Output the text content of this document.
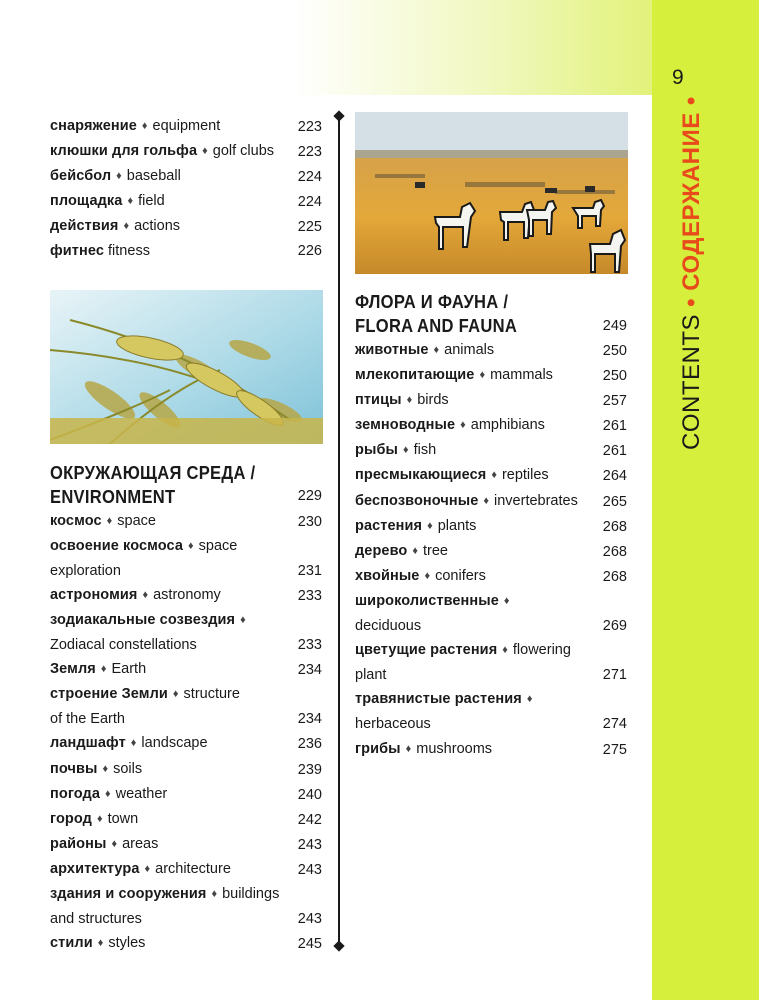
9
CONTENTS • СОДЕРЖАНИЕ •
снаряжение ♦ equipment	223
клюшки для гольфа ♦ golf clubs 223
бейсбол ♦ baseball	224
площадка ♦ field	224
действия ♦ actions	225
фитнес fitness	226
ОКРУЖАЮЩАЯ СРЕДА /
ENVIRONMENT	229
космос ♦ space	230
освоение космоса ♦ space
exploration	231
астрономия ♦ astronomy	233
зодиакальные созвездия ♦
Zodiacal constellations	233
Земля ♦ Earth	234
строение Земли ♦ structure
of the Earth	234
ландшафт ♦ landscape	236
почвы ♦ soils	239
погода ♦ weather	240
город ♦ town	242
районы ♦ areas	243
архитектура ♦ architecture	243
здания и сооружения ♦ buildings
and structures	243
стили ♦ styles	245
ФЛОРА И ФАУНА /
FLORA AND FAUNA	249
животные ♦ animals	250
млекопитающие ♦ mammals	250
птицы ♦ birds	257
земноводные ♦ amphibians	261
рыбы ♦ fish	261
пресмыкающиеся ♦ reptiles	264
беспозвоночные ♦ invertebrates 265
растения ♦ plants	268
дерево ♦ tree	268
хвойные ♦ conifers	268
широколиственные ♦
deciduous	269
цветущие растения ♦ flowering
plant	271
травянистые растения ♦
herbaceous	274
грибы ♦ mushrooms	275
